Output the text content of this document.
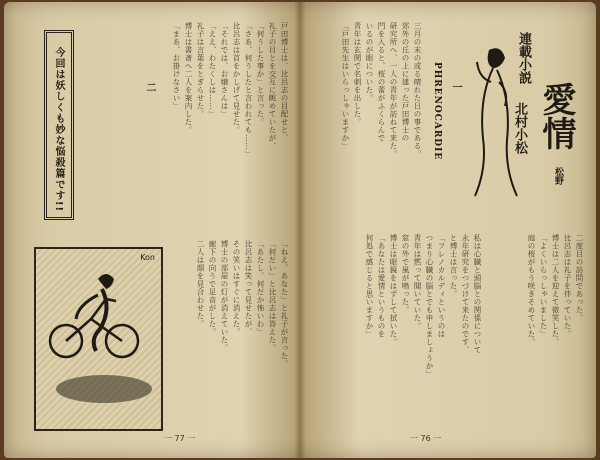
今回は妖しくも妙な悩殺篇です!!	戸田博士は、比呂志の目配せと、
礼子の目とを交互に眺めていたが、
「何うした事か」と言った。
「さあ、何うしたと言われても……」
比呂志は首をかしげて見せた。
「それでは、お嬢さんは」
「ええ、わたくしは……」
礼子は言葉をとぎらせた。
博士は書斎へ二人を案内した。
「まあ、お掛けなさい」
二
Kon	「ねえ、あなた」と礼子が言った。
「何だい」と比呂志は答えた。
「あたし、何だか怖いわ」
比呂志は笑って見せたが、
その笑いはすぐに消えた。
博士の部屋の灯が消えていた。
廊下の向うで足音がした。
二人は顔を見合わせた。
一 77 一
三月の末の或る晴れた日の事である。
郊外の丘の上に建った戸田博士の
研究所へ、一人の青年が訪ねて来た。
門を入ると、桜の蕾がふくらんで
いるのが眼についた。
青年は玄関で名刺を出した。
「戸田先生はいらっしゃいますか」	一
私は心臓と頭脳との関係について
永年研究をつづけて来たのです、
と博士は言った。
「フレノカルディというのは
つまり心臓の脳とでも申しましょうか」
青年は黙って聞いていた。
窓の外で風が鳴った。
博士は眼鏡をはずして拭いた。
「あなたは愛情というものを
何処で感じると思いますか」	二度目の訪問であった。
比呂志は礼子を伴っていた。
博士は二人を迎えて微笑した。
「よくいらっしゃいました」
庭の桜がもう咲きそめていた。
一 76 一
PHRENOCARDIE
連載小説
愛情
北村小松
松野
